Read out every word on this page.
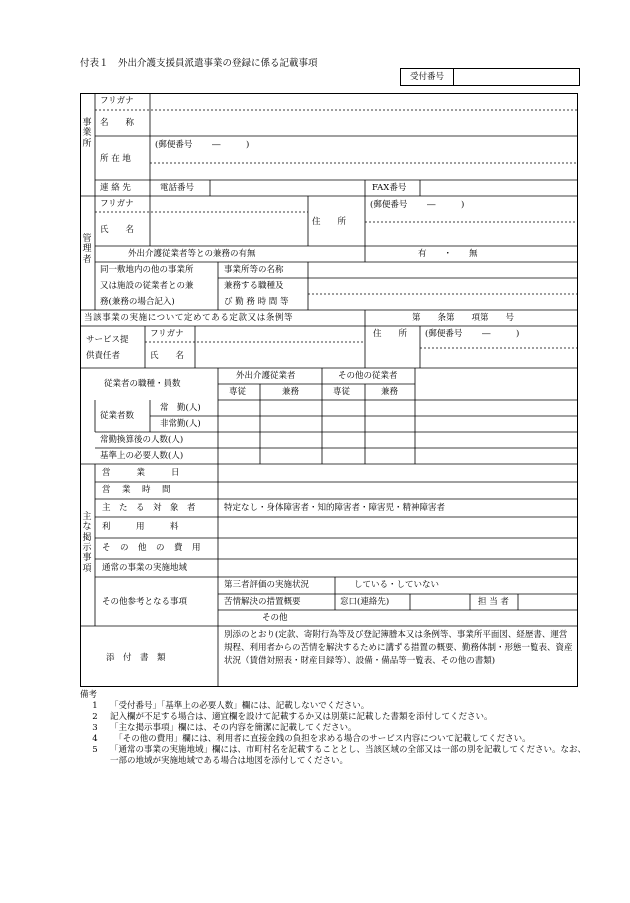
付表１　外出介護支援員派遣事業の登録に係る記載事項
受付番号
事業所
フリガナ
名　　称
(郵便番号　　 ―　　　)
所 在 地
連 絡 先	電話番号	FAX番号
管理者
フリガナ
氏　　名
住　　所
(郵便番号　　 ―　　　)
外出介護従業者等との兼務の有無	有　　・　　無
同一敷地内の他の事業所
又は施設の従業者との兼
務(兼務の場合記入)
事業所等の名称
兼務する職種及
び 勤 務 時 間 等
当該事業の実施について定めてある定款又は条例等	第　　条第　　項第　　号
サービス提
供責任者
フリガナ
氏　　名
住　　所 (郵便番号　　 ―　　　)
従業者の職種・員数
外出介護従業者	その他の従業者
専従	兼務	専従	兼務
従業者数
常　勤(人)
非常勤(人)
常勤換算後の人数(人)
基準上の必要人数(人)
主な掲示事項
営　　業　　日
営　業　時　間
主　た　る　対　象　者	特定なし・身体障害者・知的障害者・障害児・精神障害者
利　　　用　　　料
そ　の　他　の　費　用
通常の事業の実施地域
その他参考となる事項
第三者評価の実施状況	している・していない
苦情解決の措置概要	窓口(連絡先)	担 当 者
その他
添　付　書　類
別添のとおり(定款、寄附行為等及び登記簿謄本又は条例等、事業所平面図、経歴書、運営規程、利用者からの苦情を解決するために講ずる措置の概要、勤務体制・形態一覧表、資産状況（賃借対照表・財産目録等）、設備・備品等一覧表、その他の書類)
備考
1	「受付番号」「基準上の必要人数」欄には、記載しないでください。
2	記入欄が不足する場合は、適宜欄を設けて記載するか又は別葉に記載した書類を添付してください。
3	「主な掲示事項」欄には、その内容を簡潔に記載してください。
4	　「その他の費用」欄には、利用者に直接金銭の負担を求める場合のサービス内容について記載してください。
5	「通常の事業の実施地域」欄には、市町村名を記載することとし、当該区域の全部又は一部の別を記載してください。なお、一部の地域が実施地域である場合は地図を添付してください。
